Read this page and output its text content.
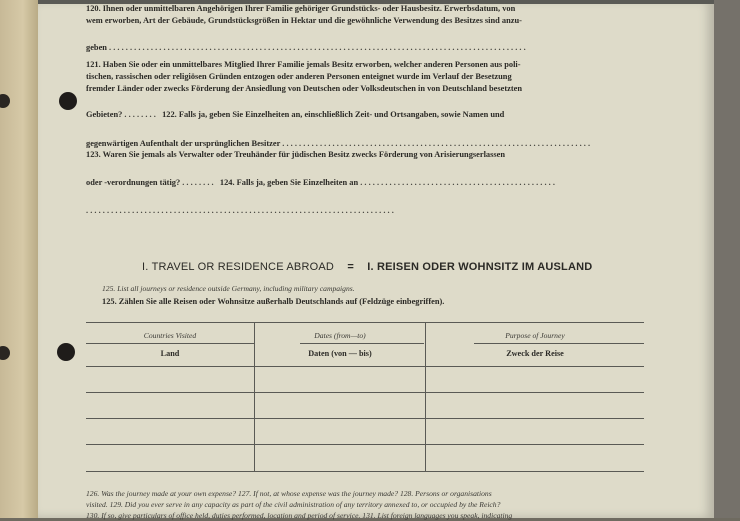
120. Ihnen oder unmittelbaren Angehörigen Ihrer Familie gehöriger Grundstücks- oder Hausbesitz. Erwerbsdatum, von
wem erworben, Art der Gebäude, Grundstücksgrößen in Hektar und die gewöhnliche Verwendung des Besitzes sind anzu-
geben . . . . . . . . . . . . . . . . . . . . . . . . . . . . . . . . . . . . . . . . . . . . . . . . . . . . . . . . . . . . . . . . . . . . . . . . . . . . . . . . . . . . . . . . . . . . . . . . . . . .
121. Haben Sie oder ein unmittelbares Mitglied Ihrer Familie jemals Besitz erworben, welcher anderen Personen aus poli-
tischen, rassischen oder religiösen Gründen entzogen oder anderen Personen enteignet wurde im Verlauf der Besetzung
fremder Länder oder zwecks Förderung der Ansiedlung von Deutschen oder Volksdeutschen in von Deutschland besetzten
Gebieten? . . . . . . . .   122. Falls ja, geben Sie Einzelheiten an, einschließlich Zeit- und Ortsangaben, sowie Namen und
gegenwärtigen Aufenthalt der ursprünglichen Besitzer . . . . . . . . . . . . . . . . . . . . . . . . . . . . . . . . . . . . . . . . . . . . . . . . . . . . . . . . . . . . . . . . . . . . . . . . . .
123. Waren Sie jemals als Verwalter oder Treuhänder für jüdischen Besitz zwecks Förderung von Arisierungserlassen
oder -verordnungen tätig? . . . . . . . .   124. Falls ja, geben Sie Einzelheiten an . . . . . . . . . . . . . . . . . . . . . . . . . . . . . . . . . . . . . . . . . . . . . . .
. . . . . . . . . . . . . . . . . . . . . . . . . . . . . . . . . . . . . . . . . . . . . . . . . . . . . . . . . . . . . . . . . . . . . . . . . .
I. TRAVEL OR RESIDENCE ABROAD = I. REISEN ODER WOHNSITZ IM AUSLAND
125. List all journeys or residence outside Germany, including military campaigns.
125. Zählen Sie alle Reisen oder Wohnsitze außerhalb Deutschlands auf (Feldzüge einbegriffen).
Countries Visited
Land
Dates (from—to)
Daten (von — bis)
Purpose of Journey
Zweck der Reise
126. Was the journey made at your own expense? 127. If not, at whose expense was the journey made? 128. Persons or organisations
visited. 129. Did you ever serve in any capacity as part of the civil administration of any territory annexed to, or occupied by the Reich?
130. If so, give particulars of office held, duties performed, location and period of service. 131. List foreign languages you speak, indicating
